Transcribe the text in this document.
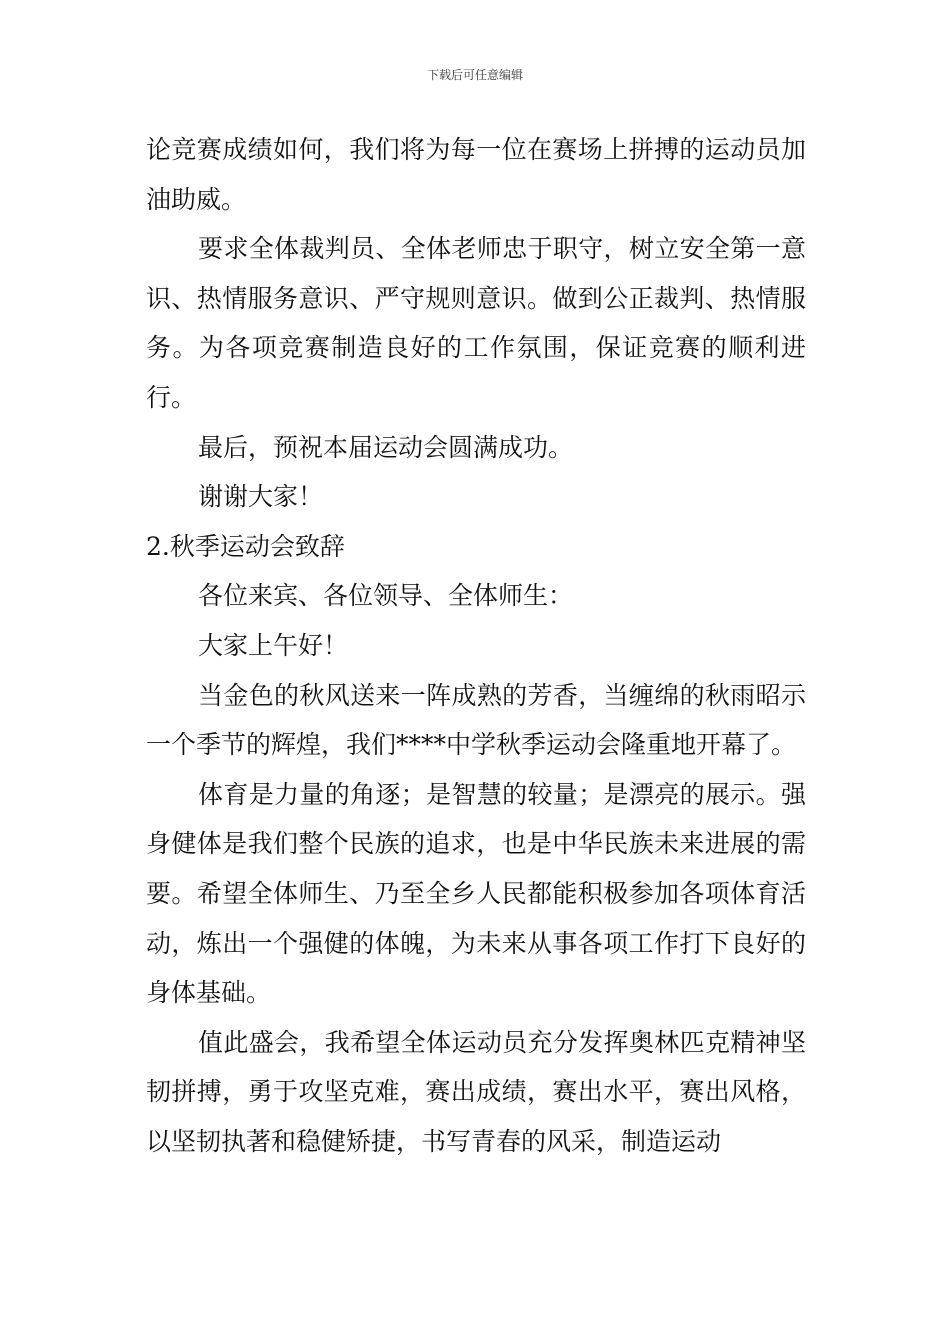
下载后可任意编辑

论竞赛成绩如何，我们将为每一位在赛场上拼搏的运动员加油助威。

要求全体裁判员、全体老师忠于职守，树立安全第一意识、热情服务意识、严守规则意识。做到公正裁判、热情服务。为各项竞赛制造良好的工作氛围，保证竞赛的顺利进行。

最后，预祝本届运动会圆满成功。

谢谢大家！

2.秋季运动会致辞

各位来宾、各位领导、全体师生：

大家上午好！

当金色的秋风送来一阵成熟的芳香，当缠绵的秋雨昭示一个季节的辉煌，我们****中学秋季运动会隆重地开幕了。

体育是力量的角逐；是智慧的较量；是漂亮的展示。强身健体是我们整个民族的追求，也是中华民族未来进展的需要。希望全体师生、乃至全乡人民都能积极参加各项体育活动，炼出一个强健的体魄，为未来从事各项工作打下良好的身体基础。

值此盛会，我希望全体运动员充分发挥奥林匹克精神坚韧拼搏，勇于攻坚克难，赛出成绩，赛出水平，赛出风格，以坚韧执著和稳健矫捷，书写青春的风采，制造运动
